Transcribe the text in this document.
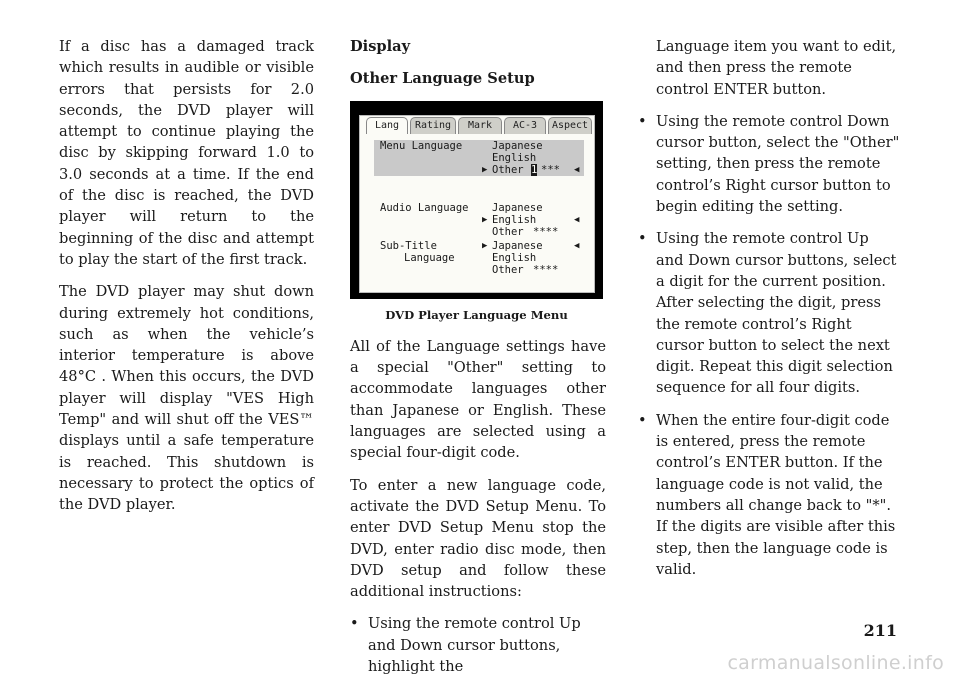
If a disc has a damaged track which results in audible or visible errors that persists for 2.0 seconds, the DVD player will attempt to continue playing the disc by skipping forward 1.0 to 3.0 seconds at a time. If the end of the disc is reached, the DVD player will return to the beginning of the disc and attempt to play the start of the first track.

The DVD player may shut down during extremely hot conditions, such as when the vehicle’s interior temperature is above 48°C . When this occurs, the DVD player will display "VES High Temp" and will shut off the VES™ displays until a safe temperature is reached. This shutdown is necessary to protect the optics of the DVD player.

Display
Other Language Setup
Lang	Rating	Mark	AC-3	Aspect
Menu Language	Japanese
English
▶ Other 1 *** ◀
Audio Language Japanese
▶ English	◀
Other ****
Sub-Title
Language
▶ Japanese	◀
English
Other ****
DVD Player Language Menu

All of the Language settings have a special "Other" setting to accommodate languages other than Japanese or English. These languages are selected using a special four-digit code.

To enter a new language code, activate the DVD Setup Menu. To enter DVD Setup Menu stop the DVD, enter radio disc mode, then DVD setup and follow these additional instructions:

• Using the remote control Up and Down cursor buttons, highlight the

Language item you want to edit, and then press the remote control ENTER button.

• Using the remote control Down cursor button, select the "Other" setting, then press the remote control’s Right cursor button to begin editing the setting.
• Using the remote control Up and Down cursor buttons, select a digit for the current position. After selecting the digit, press the remote control’s Right cursor button to select the next digit. Repeat this digit selection sequence for all four digits.
• When the entire four-digit code is entered, press the remote control’s ENTER button. If the language code is not valid, the numbers all change back to "*". If the digits are visible after this step, then the language code is valid.
211
carmanualsonline.info
